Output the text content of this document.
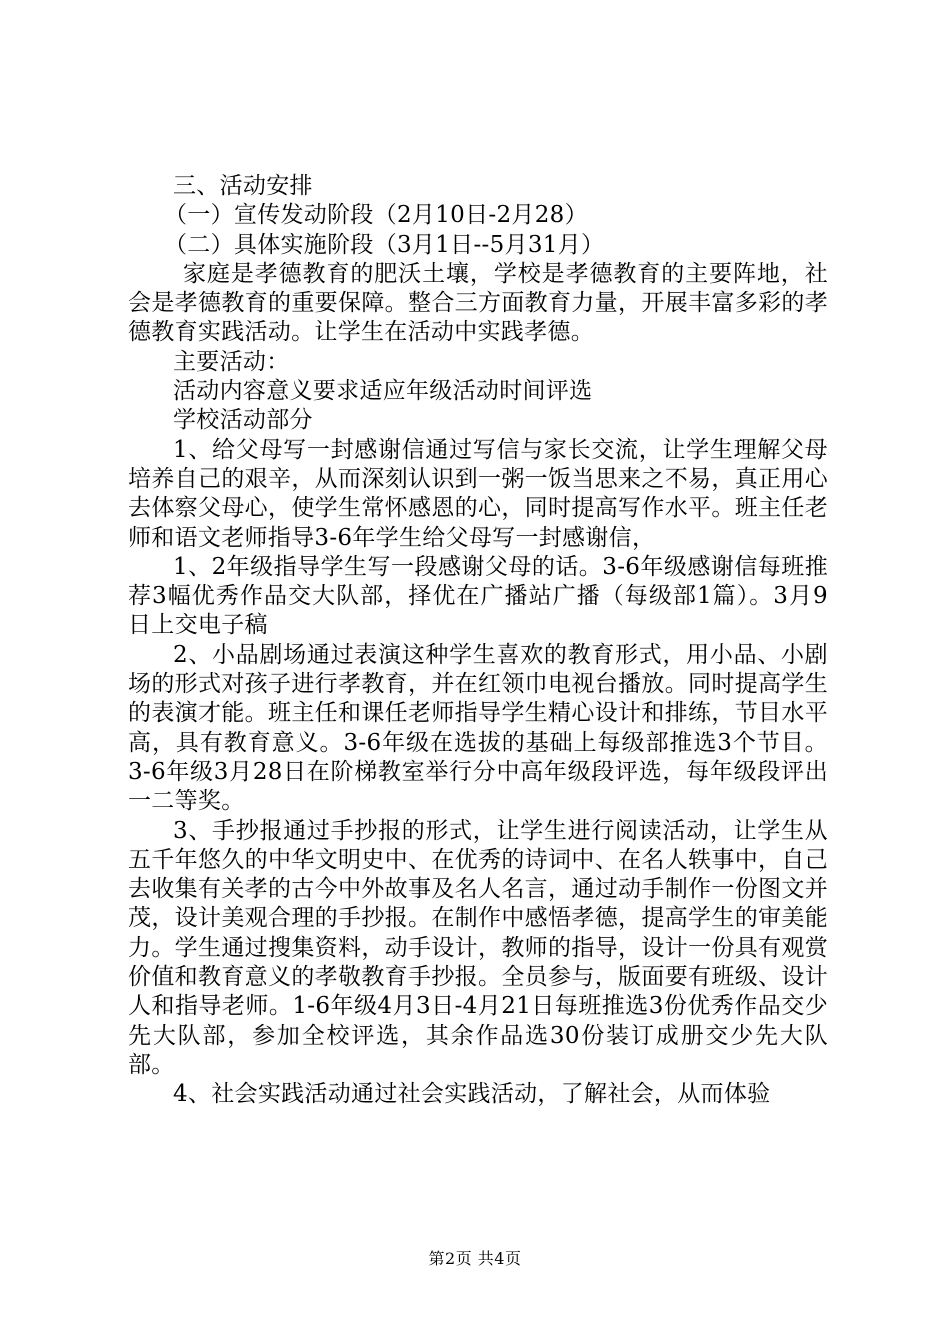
三、活动安排

（一）宣传发动阶段（2月10日-2月28）

（二）具体实施阶段（3月1日--5月31月）

家庭是孝德教育的肥沃土壤，学校是孝德教育的主要阵地，社会是孝德教育的重要保障。整合三方面教育力量，开展丰富多彩的孝德教育实践活动。让学生在活动中实践孝德。

主要活动：

活动内容意义要求适应年级活动时间评选

学校活动部分

1、给父母写一封感谢信通过写信与家长交流，让学生理解父母培养自己的艰辛，从而深刻认识到一粥一饭当思来之不易，真正用心去体察父母心，使学生常怀感恩的心，同时提高写作水平。班主任老师和语文老师指导3-6年学生给父母写一封感谢信，

1、2年级指导学生写一段感谢父母的话。3-6年级感谢信每班推荐3幅优秀作品交大队部，择优在广播站广播（每级部1篇）。3月9日上交电子稿

2、小品剧场通过表演这种学生喜欢的教育形式，用小品、小剧场的形式对孩子进行孝教育，并在红领巾电视台播放。同时提高学生的表演才能。班主任和课任老师指导学生精心设计和排练，节目水平高，具有教育意义。3-6年级在选拔的基础上每级部推选3个节目。3-6年级3月28日在阶梯教室举行分中高年级段评选，每年级段评出一二等奖。

3、手抄报通过手抄报的形式，让学生进行阅读活动，让学生从五千年悠久的中华文明史中、在优秀的诗词中、在名人轶事中，自己去收集有关孝的古今中外故事及名人名言，通过动手制作一份图文并茂，设计美观合理的手抄报。在制作中感悟孝德，提高学生的审美能力。学生通过搜集资料，动手设计，教师的指导，设计一份具有观赏价值和教育意义的孝敬教育手抄报。全员参与，版面要有班级、设计人和指导老师。1-6年级4月3日-4月21日每班推选3份优秀作品交少先大队部，参加全校评选，其余作品选30份装订成册交少先大队部。

4、社会实践活动通过社会实践活动，了解社会，从而体验

第2页 共4页
